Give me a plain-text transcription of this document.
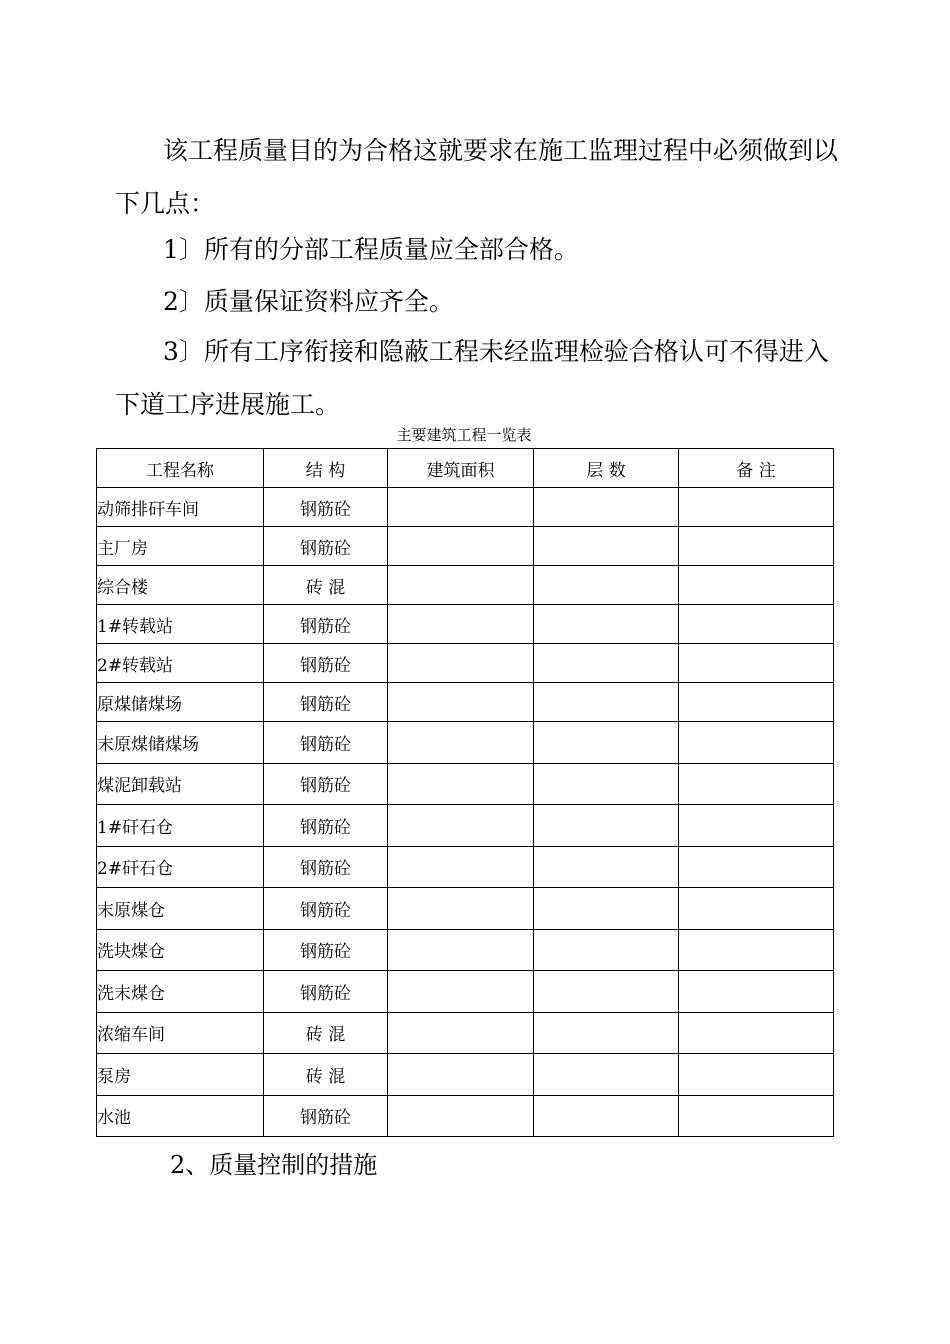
该工程质量目的为合格这就要求在施工监理过程中必须做到以下几点：

1〕所有的分部工程质量应全部合格。

2〕质量保证资料应齐全。

3〕所有工序衔接和隐蔽工程未经监理检验合格认可不得进入下道工序进展施工。

主要建筑工程一览表
工程名称	结 构	建筑面积	层 数	备 注
动筛排矸车间	钢筋砼			
主厂房	钢筋砼			
综合楼	砖 混			
1#转载站	钢筋砼			
2#转载站	钢筋砼			
原煤储煤场	钢筋砼			
末原煤储煤场	钢筋砼			
煤泥卸载站	钢筋砼			
1#矸石仓	钢筋砼			
2#矸石仓	钢筋砼			
末原煤仓	钢筋砼			
洗块煤仓	钢筋砼			
洗末煤仓	钢筋砼			
浓缩车间	砖 混			
泵房	砖 混			
水池	钢筋砼			
2、质量控制的措施
